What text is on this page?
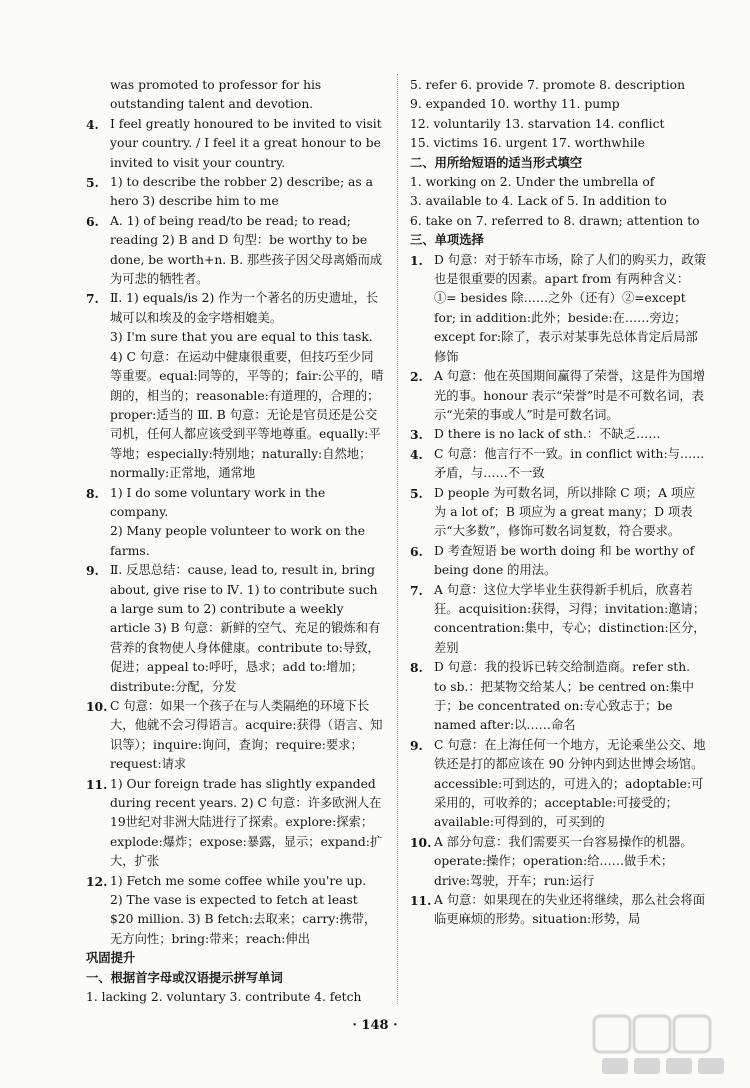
was promoted to professor for his outstanding talent and devotion.
4. I feel greatly honoured to be invited to visit your country. / I feel it a great honour to be invited to visit your country.
5. 1) to describe the robber 2) describe; as a hero 3) describe him to me
6. A. 1) of being read/to be read; to read; reading 2) B and D 句型：be worthy to be done, be worth+n. B. 那些孩子因父母离婚而成为可悲的牺牲者。
7. Ⅱ. 1) equals/is 2) 作为一个著名的历史遗址，长城可以和埃及的金字塔相媲美。
3) I'm sure that you are equal to this task.
4) C 句意：在运动中健康很重要，但技巧至少同等重要。equal:同等的，平等的；fair:公平的，晴朗的，相当的；reasonable:有道理的，合理的；proper:适当的 Ⅲ. B 句意：无论是官员还是公交司机，任何人都应该受到平等地尊重。equally:平等地；especially:特别地；naturally:自然地；normally:正常地，通常地
8. 1) I do some voluntary work in the company.
2) Many people volunteer to work on the farms.
9. Ⅱ. 反思总结：cause, lead to, result in, bring about, give rise to Ⅳ. 1) to contribute such a large sum to 2) contribute a weekly article 3) B 句意：新鲜的空气、充足的锻炼和有营养的食物使人身体健康。contribute to:导致，促进；appeal to:呼吁，恳求；add to:增加；distribute:分配，分发
10. C 句意：如果一个孩子在与人类隔绝的环境下长大，他就不会习得语言。acquire:获得（语言、知识等）；inquire:询问，查询；require:要求；request:请求
11. 1) Our foreign trade has slightly expanded during recent years. 2) C 句意：许多欧洲人在19世纪对非洲大陆进行了探索。explore:探索；explode:爆炸；expose:暴露，显示；expand:扩大，扩张
12. 1) Fetch me some coffee while you're up.
2) The vase is expected to fetch at least $20 million. 3) B fetch:去取来；carry:携带，无方向性；bring:带来；reach:伸出
巩固提升
一、根据首字母或汉语提示拼写单词
1. lacking 2. voluntary 3. contribute 4. fetch
5. refer 6. provide 7. promote 8. description
9. expanded 10. worthy 11. pump
12. voluntarily 13. starvation 14. conflict
15. victims 16. urgent 17. worthwhile
二、用所给短语的适当形式填空
1. working on 2. Under the umbrella of
3. available to 4. Lack of 5. In addition to
6. take on 7. referred to 8. drawn; attention to
三、单项选择
1. D 句意：对于轿车市场，除了人们的购买力，政策也是很重要的因素。apart from 有两种含义：①= besides 除……之外（还有）②=except for; in addition:此外；beside:在……旁边；except for:除了，表示对某事先总体肯定后局部修饰
2. A 句意：他在英国期间赢得了荣誉，这是件为国增光的事。honour 表示“荣誉”时是不可数名词，表示“光荣的事或人”时是可数名词。
3. D there is no lack of sth.：不缺乏……
4. C 句意：他言行不一致。in conflict with:与……矛盾，与……不一致
5. D people 为可数名词，所以排除 C 项；A 项应为 a lot of；B 项应为 a great many；D 项表示“大多数”，修饰可数名词复数，符合要求。
6. D 考查短语 be worth doing 和 be worthy of being done 的用法。
7. A 句意：这位大学毕业生获得新手机后，欣喜若狂。acquisition:获得，习得；invitation:邀请；concentration:集中，专心；distinction:区分，差别
8. D 句意：我的投诉已转交给制造商。refer sth. to sb.：把某物交给某人；be centred on:集中于；be concentrated on:专心致志于；be named after:以……命名
9. C 句意：在上海任何一个地方，无论乘坐公交、地铁还是打的都应该在 90 分钟内到达世博会场馆。accessible:可到达的，可进入的；adoptable:可采用的，可收养的；acceptable:可接受的；available:可得到的，可买到的
10. A 部分句意：我们需要买一台容易操作的机器。operate:操作；operation:给……做手术；drive:驾驶，开车；run:运行
11. A 句意：如果现在的失业还将继续，那么社会将面临更麻烦的形势。situation:形势，局
· 148 ·
